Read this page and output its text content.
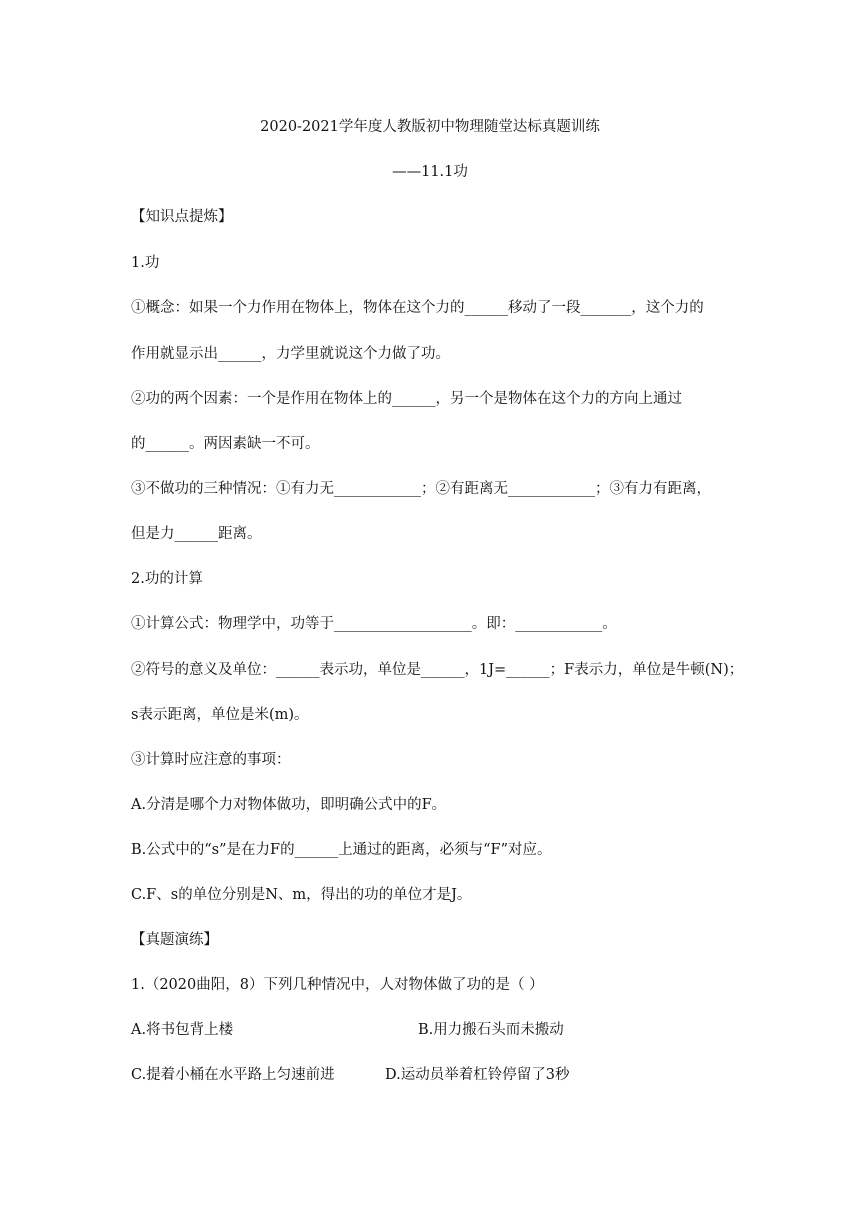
2020-2021学年度人教版初中物理随堂达标真题训练
——11.1功
【知识点提炼】
1.功
①概念：如果一个力作用在物体上，物体在这个力的______移动了一段_______，这个力的
作用就显示出______，力学里就说这个力做了功。
②功的两个因素：一个是作用在物体上的______，另一个是物体在这个力的方向上通过
的______。两因素缺一不可。
③不做功的三种情况：①有力无____________；②有距离无____________；③有力有距离，
但是力______距离。
2.功的计算
①计算公式：物理学中，功等于___________________。即：____________。
②符号的意义及单位：______表示功，单位是______，1J=______；F表示力，单位是牛顿(N)；
s表示距离，单位是米(m)。
③计算时应注意的事项：
A.分清是哪个力对物体做功，即明确公式中的F。
B.公式中的“s”是在力F的______上通过的距离，必须与“F”对应。
C.F、s的单位分别是N、m，得出的功的单位才是J。
【真题演练】
1.（2020曲阳，8）下列几种情况中，人对物体做了功的是（ ）
A.将书包背上楼	B.用力搬石头而未搬动
C.提着小桶在水平路上匀速前进	D.运动员举着杠铃停留了3秒
